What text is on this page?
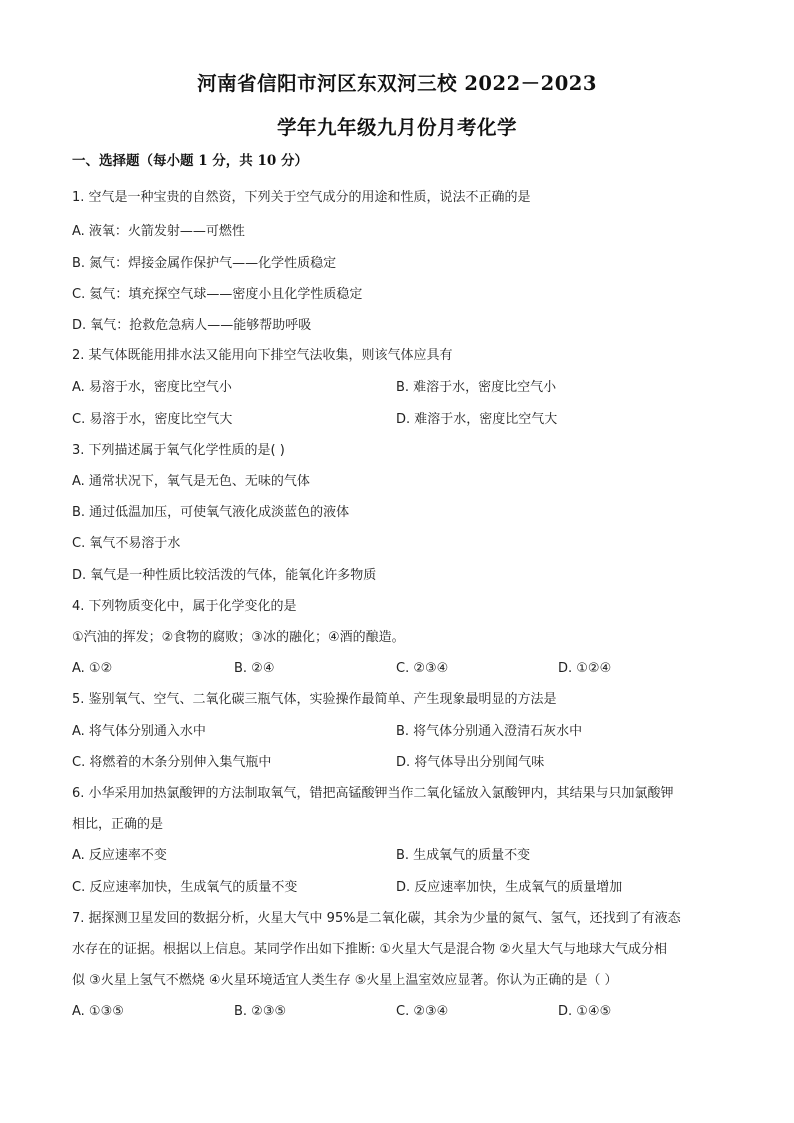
河南省信阳市河区东双河三校 2022－2023
学年九年级九月份月考化学
一、选择题（每小题 1 分，共 10 分）
1. 空气是一种宝贵的自然资，下列关于空气成分的用途和性质，说法不正确的是
A. 液氧：火箭发射——可燃性
B. 氮气：焊接金属作保护气——化学性质稳定
C. 氦气：填充探空气球——密度小且化学性质稳定
D. 氧气：抢救危急病人——能够帮助呼吸
2. 某气体既能用排水法又能用向下排空气法收集，则该气体应具有
A. 易溶于水，密度比空气小	B. 难溶于水，密度比空气小
C. 易溶于水，密度比空气大	D. 难溶于水，密度比空气大
3. 下列描述属于氧气化学性质的是( )
A. 通常状况下，氧气是无色、无味的气体
B. 通过低温加压，可使氧气液化成淡蓝色的液体
C. 氧气不易溶于水
D. 氧气是一种性质比较活泼的气体，能氧化许多物质
4. 下列物质变化中，属于化学变化的是
①汽油的挥发；②食物的腐败；③冰的融化；④酒的酿造。
A. ①②	B. ②④	C. ②③④	D. ①②④
5. 鉴别氧气、空气、二氧化碳三瓶气体，实验操作最简单、产生现象最明显的方法是
A. 将气体分别通入水中	B. 将气体分别通入澄清石灰水中
C. 将燃着的木条分别伸入集气瓶中	D. 将气体导出分别闻气味
6. 小华采用加热氯酸钾的方法制取氧气，错把高锰酸钾当作二氧化锰放入氯酸钾内，其结果与只加氯酸钾
相比，正确的是
A. 反应速率不变	B. 生成氧气的质量不变
C. 反应速率加快，生成氧气的质量不变	D. 反应速率加快，生成氧气的质量增加
7. 据探测卫星发回的数据分析，火星大气中 95%是二氧化碳，其余为少量的氮气、氢气，还找到了有液态
水存在的证据。根据以上信息。某同学作出如下推断: ①火星大气是混合物 ②火星大气与地球大气成分相
似 ③火星上氢气不燃烧 ④火星环境适宜人类生存 ⑤火星上温室效应显著。你认为正确的是（ ）
A. ①③⑤	B. ②③⑤	C. ②③④	D. ①④⑤
